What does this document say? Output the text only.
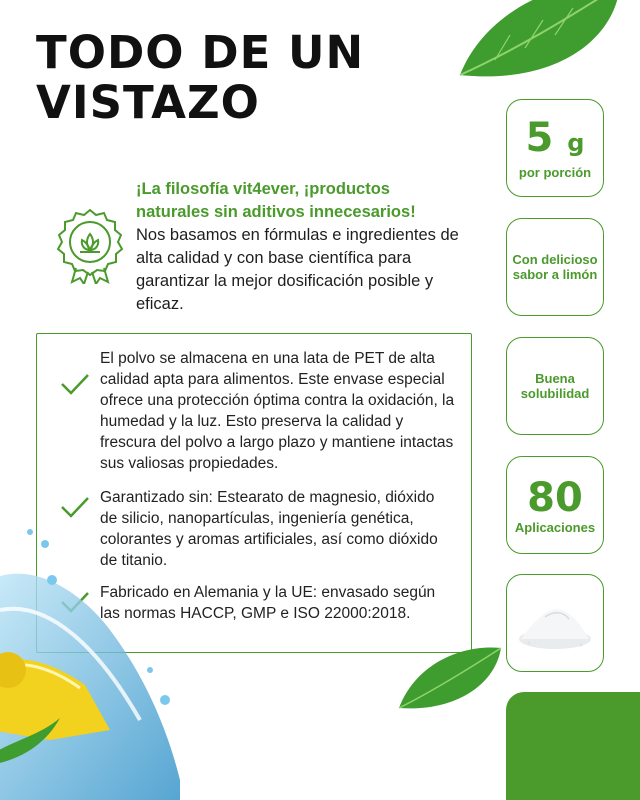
TODO DE UN VISTAZO
¡La filosofía vit4ever, ¡productos naturales sin aditivos innecesarios!
Nos basamos en fórmulas e ingredientes de alta calidad y con base científica para garantizar la mejor dosificación posible y eficaz.
El polvo se almacena en una lata de PET de alta calidad apta para alimentos. Este envase especial ofrece una protección óptima contra la oxidación, la humedad y la luz. Esto preserva la calidad y frescura del polvo a largo plazo y mantiene intactas sus valiosas propiedades.
Garantizado sin: Estearato de magnesio, dióxido de silicio, nanopartículas, ingeniería genética, colorantes y aromas artificiales, así como dióxido de titanio.
Fabricado en Alemania y la UE: envasado según las normas HACCP, GMP e ISO 22000:2018.
5 g
por porción
Con delicioso sabor a limón
Buena solubilidad
80
Aplicaciones
